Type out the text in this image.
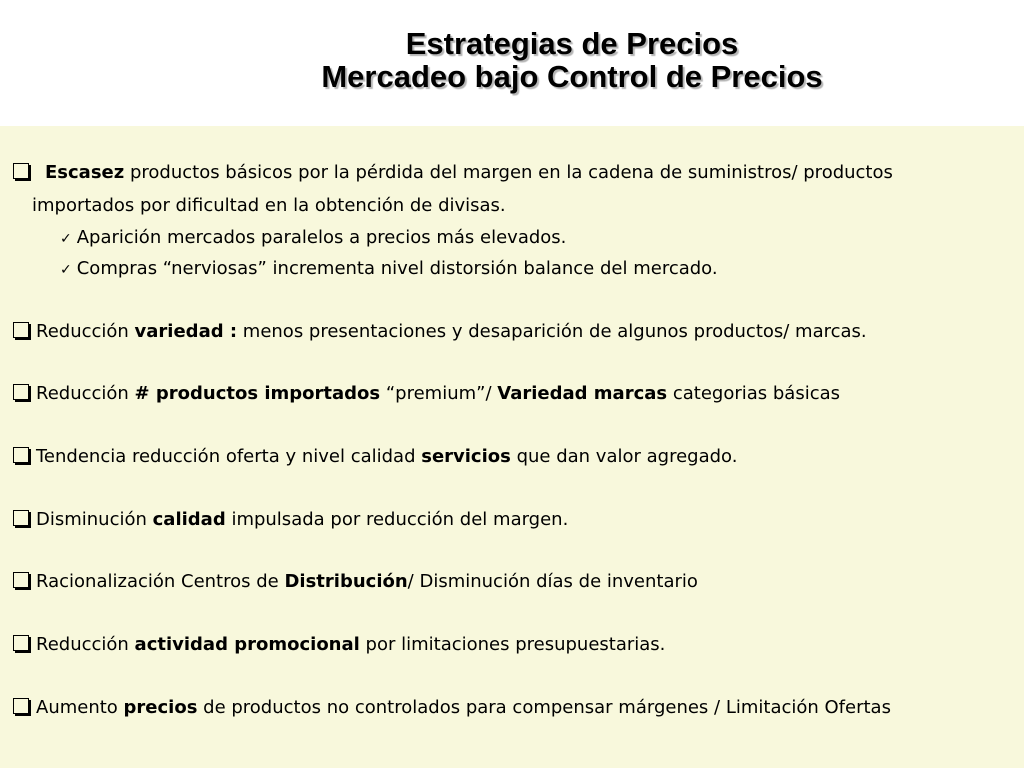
Estrategias de Precios
Mercadeo bajo Control de Precios
Escasez productos básicos por la pérdida del margen en la cadena de suministros/ productos
importados por dificultad en la obtención de divisas.
✓ Aparición mercados paralelos a precios más elevados.
✓ Compras “nerviosas” incrementa nivel distorsión balance del mercado.
Reducción variedad : menos presentaciones y desaparición de algunos productos/ marcas.
Reducción # productos importados “premium”/ Variedad marcas categorias básicas
Tendencia reducción oferta y nivel calidad servicios que dan valor agregado.
Disminución calidad impulsada por reducción del margen.
Racionalización Centros de Distribución/ Disminución días de inventario
Reducción actividad promocional por limitaciones presupuestarias.
Aumento precios de productos no controlados para compensar márgenes / Limitación Ofertas
